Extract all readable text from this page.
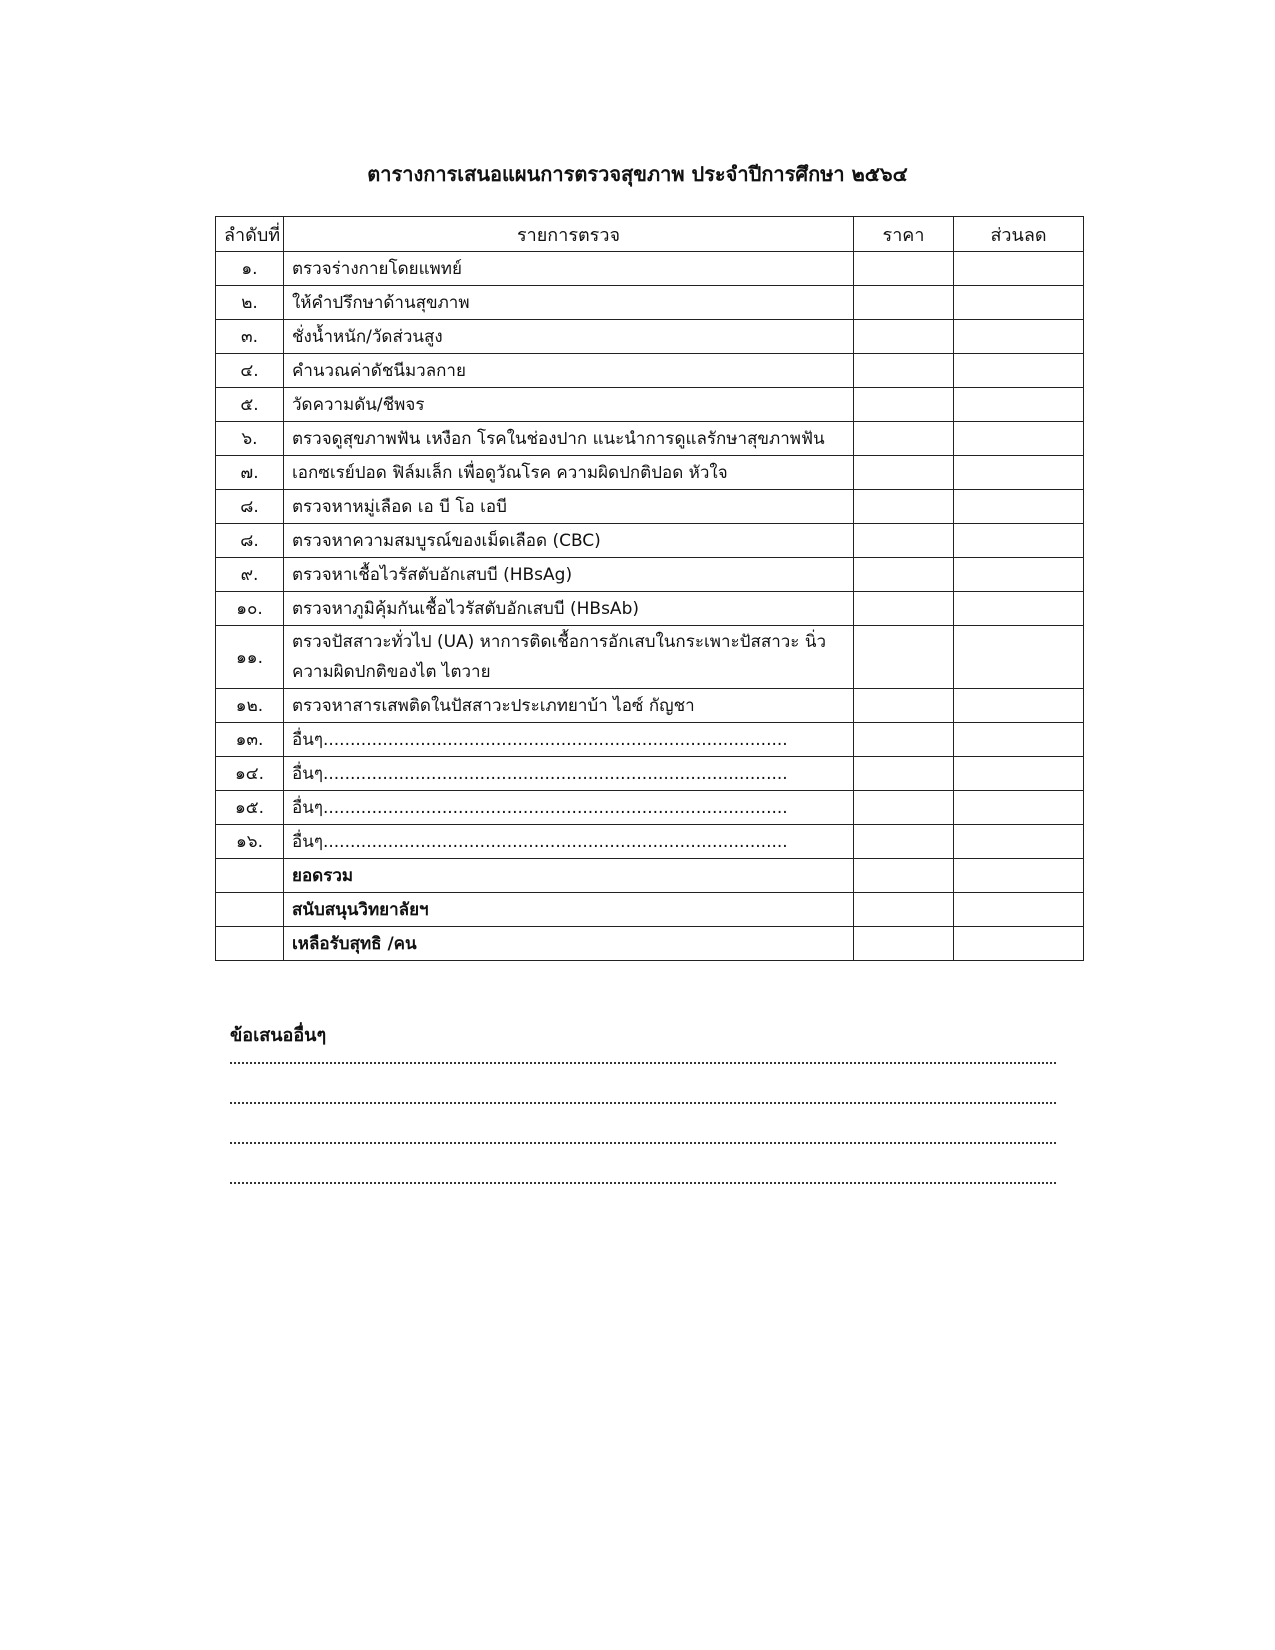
ตารางการเสนอแผนการตรวจสุขภาพ ประจำปีการศึกษา ๒๕๖๔
ลำดับที่	รายการตรวจ	ราคา	ส่วนลด
๑.	ตรวจร่างกายโดยแพทย์		
๒.	ให้คำปรึกษาด้านสุขภาพ		
๓.	ชั่งน้ำหนัก/วัดส่วนสูง		
๔.	คำนวณค่าดัชนีมวลกาย		
๕.	วัดความดัน/ชีพจร		
๖.	ตรวจดูสุขภาพฟัน เหงือก โรคในช่องปาก แนะนำการดูแลรักษาสุขภาพฟัน		
๗.	เอกซเรย์ปอด ฟิล์มเล็ก เพื่อดูวัณโรค ความผิดปกติปอด หัวใจ		
๘.	ตรวจหาหมู่เลือด เอ บี โอ เอบี		
๘.	ตรวจหาความสมบูรณ์ของเม็ดเลือด (CBC)		
๙.	ตรวจหาเชื้อไวรัสตับอักเสบบี (HBsAg)		
๑๐.	ตรวจหาภูมิคุ้มกันเชื้อไวรัสตับอักเสบบี (HBsAb)		
๑๑.	ตรวจปัสสาวะทั่วไป (UA) หาการติดเชื้อการอักเสบในกระเพาะปัสสาวะ นิ่ว ความผิดปกติของไต ไตวาย		
๑๒.	ตรวจหาสารเสพติดในปัสสาวะประเภทยาบ้า ไอซ์ กัญชา		
๑๓.	อื่นๆ......................................................................................		
๑๔.	อื่นๆ......................................................................................		
๑๕.	อื่นๆ......................................................................................		
๑๖.	อื่นๆ......................................................................................		
	ยอดรวม		
	สนับสนุนวิทยาลัยฯ		
	เหลือรับสุทธิ /คน		
ข้อเสนออื่นๆ
